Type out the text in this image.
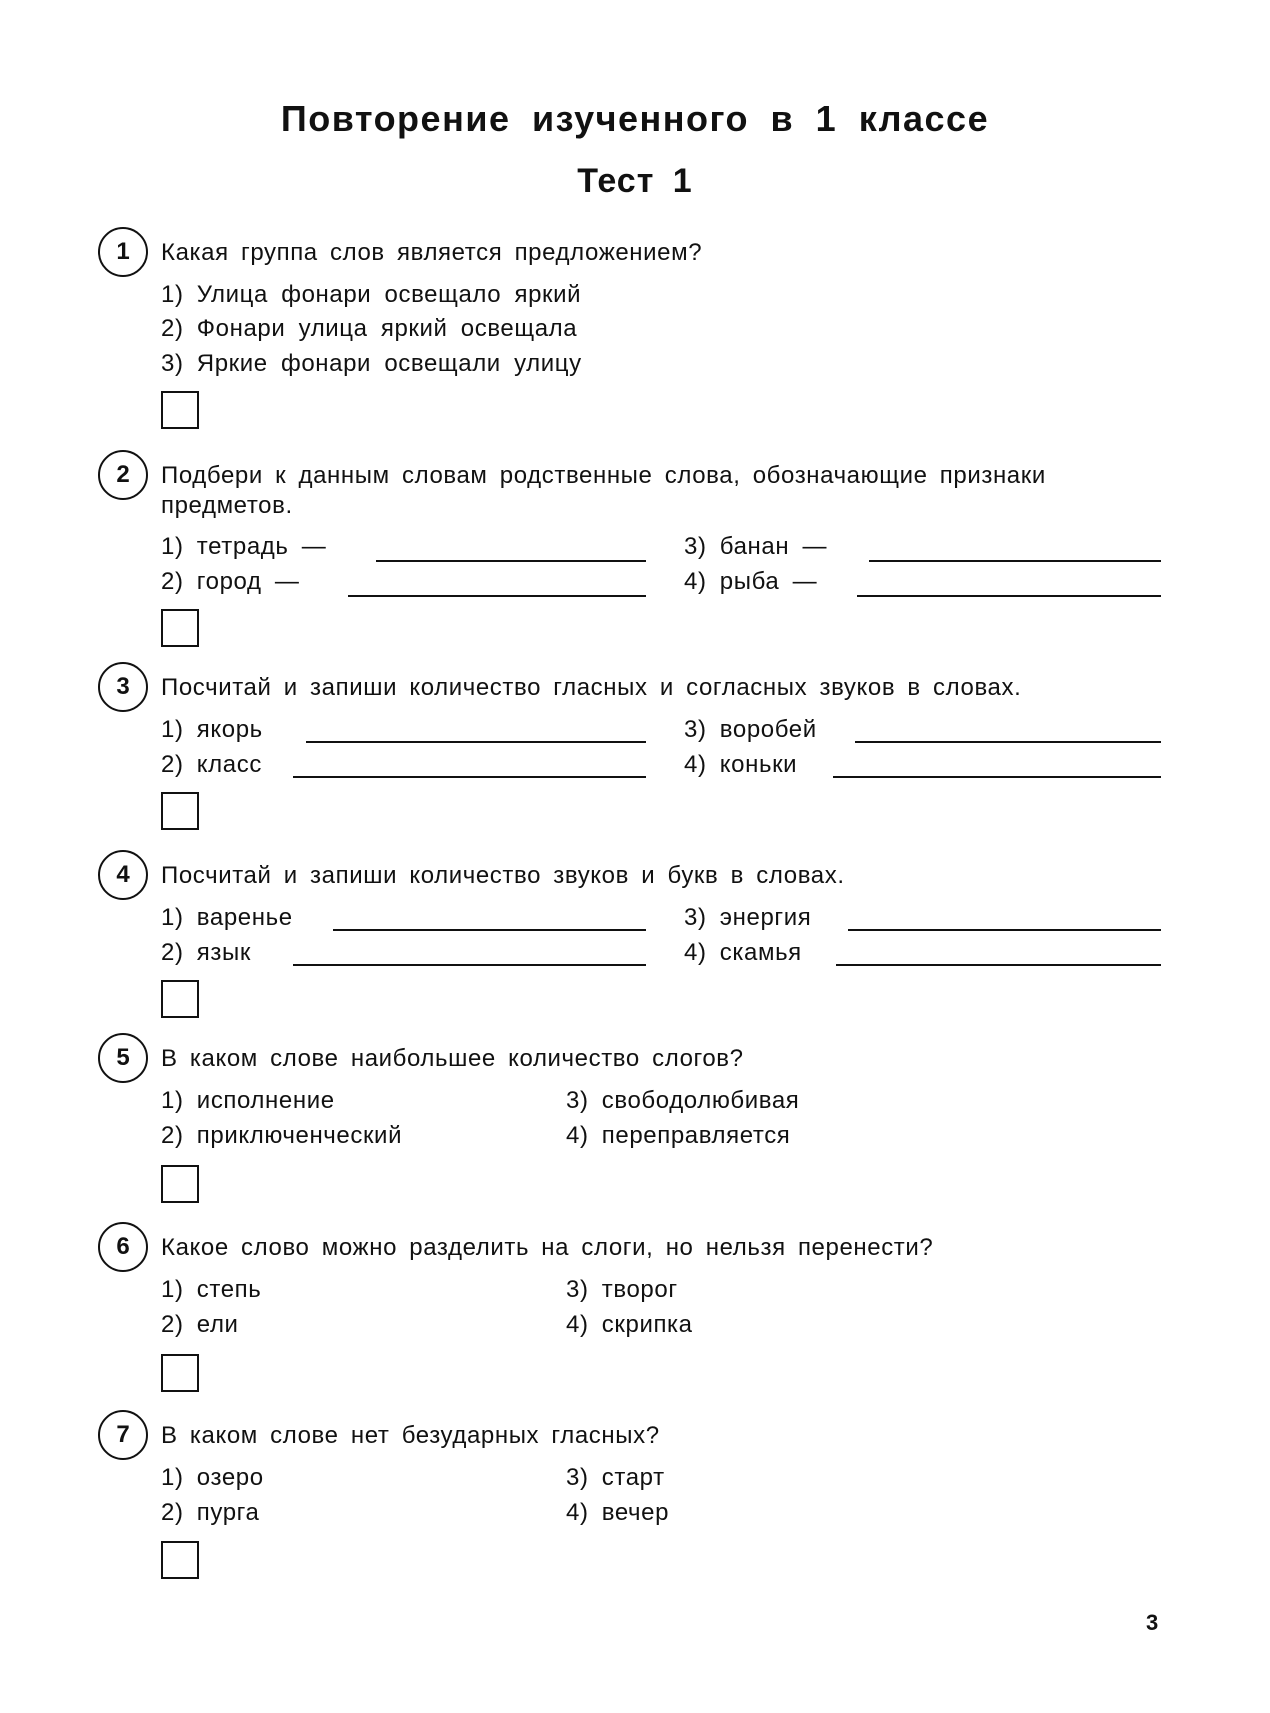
Повторение изученного в 1 классе
Тест 1
1	Какая группа слов является предложением?
1) Улица фонари освещало яркий
2) Фонари улица яркий освещала
3) Яркие фонари освещали улицу
2	Подбери к данным словам родственные слова, обозначающие признаки предметов.
1) тетрадь —
2) город —
3) банан —
4) рыба —
3	Посчитай и запиши количество гласных и согласных звуков в словах.
1) якорь
2) класс
3) воробей
4) коньки
4	Посчитай и запиши количество звуков и букв в словах.
1) варенье
2) язык
3) энергия
4) скамья
5	В каком слове наибольшее количество слогов?
1) исполнение
2) приключенческий
3) свободолюбивая
4) переправляется
6	Какое слово можно разделить на слоги, но нельзя перенести?
1) степь
2) ели
3) творог
4) скрипка
7	В каком слове нет безударных гласных?
1) озеро
2) пурга
3) старт
4) вечер
3
